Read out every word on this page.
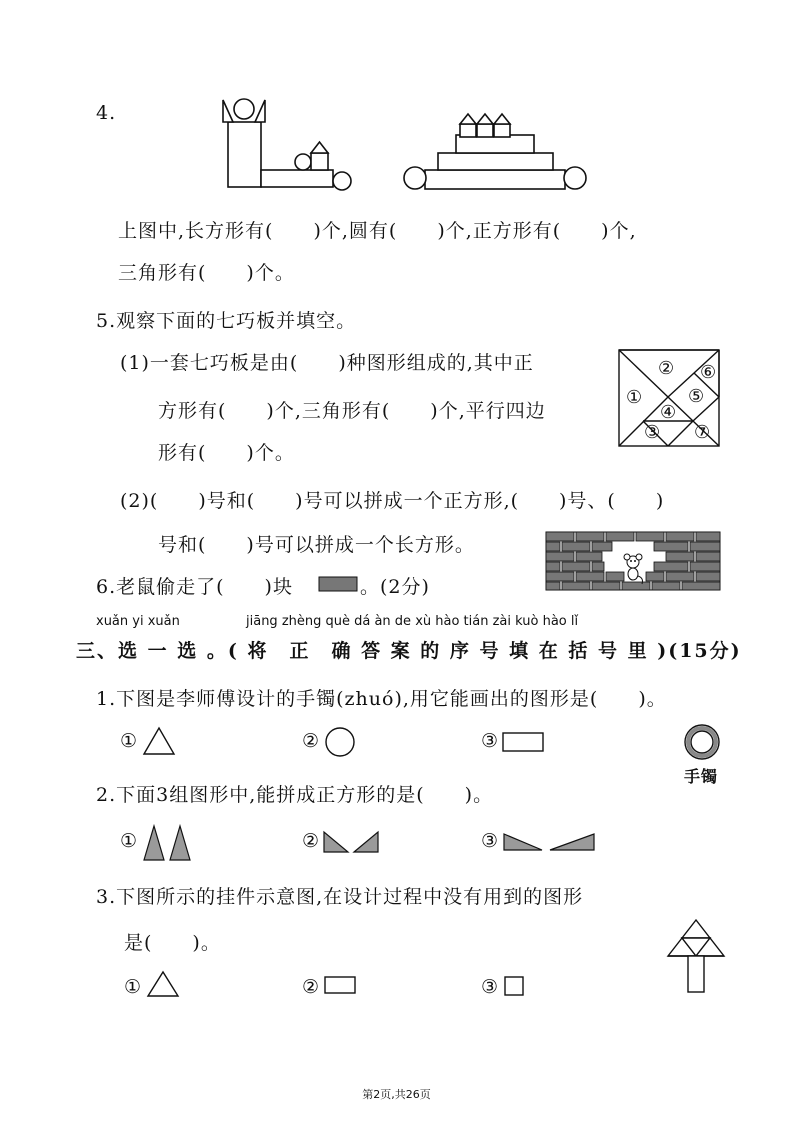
4.
上图中,长方形有(　　)个,圆有(　　)个,正方形有(　　)个,
三角形有(　　)个。
5.观察下面的七巧板并填空。
(1)一套七巧板是由(　　)种图形组成的,其中正
方形有(　　)个,三角形有(　　)个,平行四边
形有(　　)个。
①
②
③
④
⑤
⑥
⑦
(2)(　　)号和(　　)号可以拼成一个正方形,(　　)号、(　　)
号和(　　)号可以拼成一个长方形。
6.老鼠偷走了(　　)块	。(2分)
xuǎn yi xuǎn	jiāng zhèng què dá àn de xù hào tián zài kuò hào lǐ
三、选 一 选 。( 将　正　确 答 案 的 序 号 填 在 括 号 里 )(15分)
1.下图是李师傅设计的手镯(zhuó),用它能画出的图形是(　　)。
①	②	③
手镯
2.下面3组图形中,能拼成正方形的是(　　)。
①	②	③
3.下图所示的挂件示意图,在设计过程中没有用到的图形
是(　　)。
①	②	③
第2页,共26页
